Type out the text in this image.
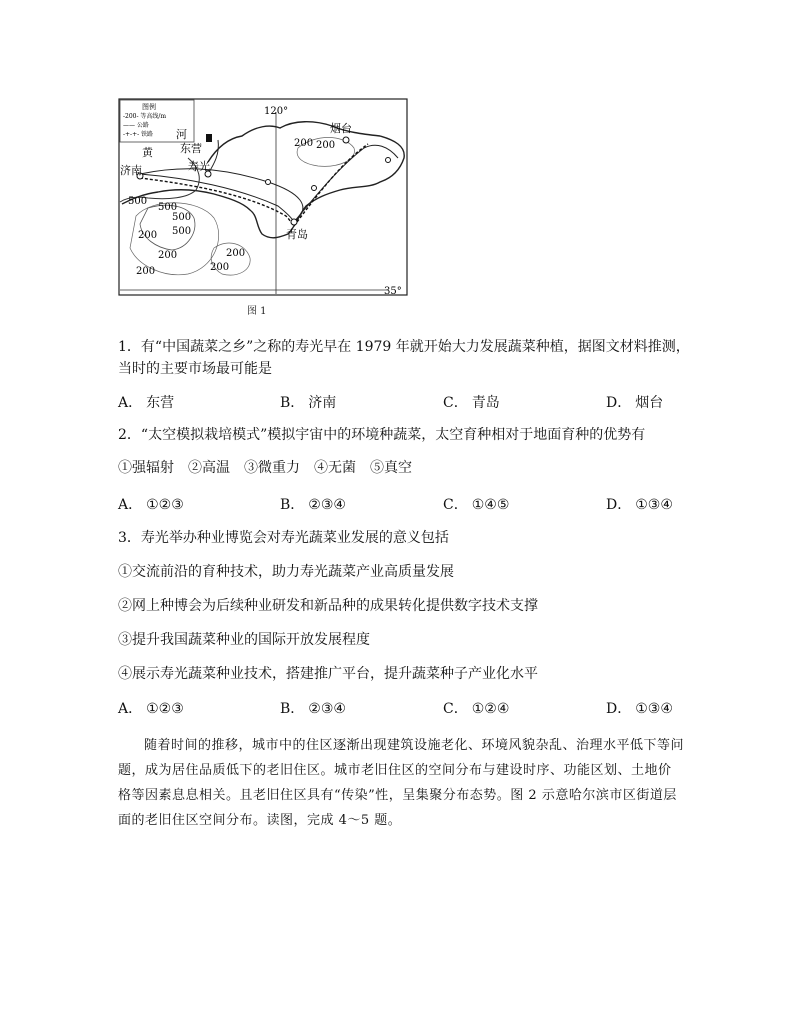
图例
-200- 等高线/m
—— 公路
-+-+- 铁路
120°
35°
河
黄 东营
寿光
济南
烟台
青岛
200 200
500
500
500
500
200
200
200
200
200
图 1
1．有“中国蔬菜之乡”之称的寿光早在 1979 年就开始大力发展蔬菜种植，据图文材料推测，
当时的主要市场最可能是
A． 东营	B． 济南	C． 青岛	D． 烟台
2．“太空模拟栽培模式”模拟宇宙中的环境种蔬菜，太空育种相对于地面育种的优势有
①强辐射　②高温　③微重力　④无菌　⑤真空
A． ①②③	B． ②③④	C． ①④⑤	D． ①③④
3．寿光举办种业博览会对寿光蔬菜业发展的意义包括
①交流前沿的育种技术，助力寿光蔬菜产业高质量发展
②网上种博会为后续种业研发和新品种的成果转化提供数字技术支撑
③提升我国蔬菜种业的国际开放发展程度
④展示寿光蔬菜种业技术，搭建推广平台，提升蔬菜种子产业化水平
A． ①②③	B． ②③④	C． ①②④	D． ①③④
随着时间的推移，城市中的住区逐渐出现建筑设施老化、环境风貌杂乱、治理水平低下等问题，成为居住品质低下的老旧住区。城市老旧住区的空间分布与建设时序、功能区划、土地价格等因素息息相关。且老旧住区具有“传染”性，呈集聚分布态势。图 2 示意哈尔滨市区街道层面的老旧住区空间分布。读图，完成 4～5 题。
